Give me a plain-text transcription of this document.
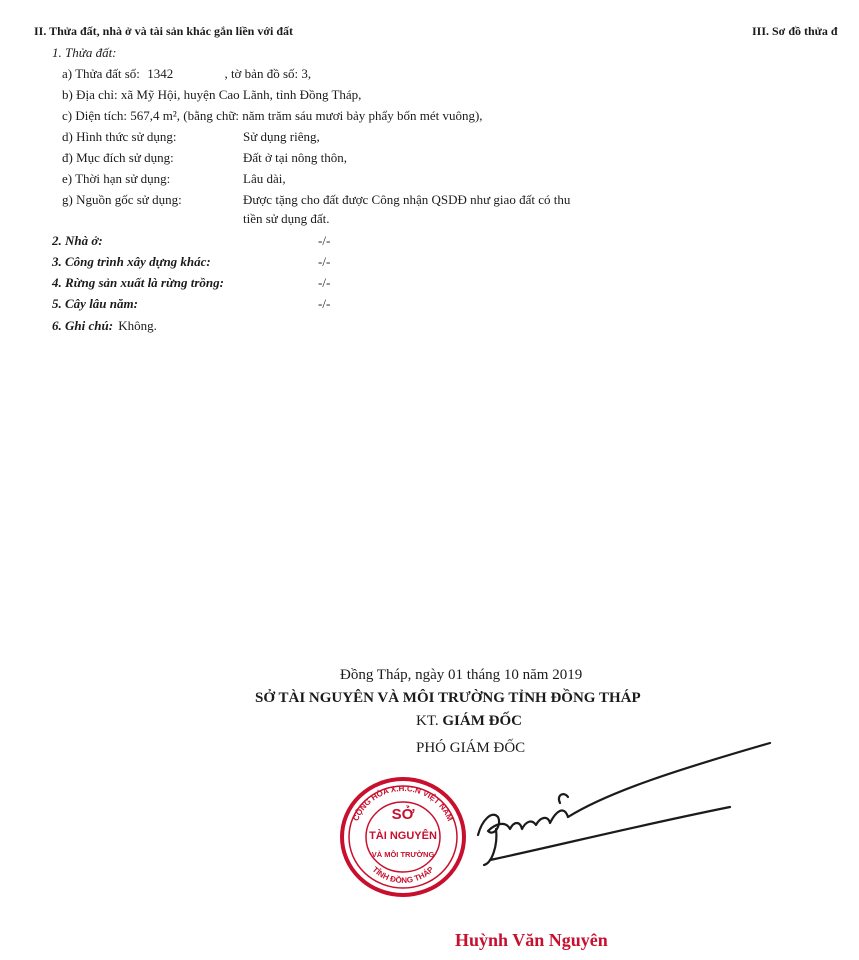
II. Thửa đất, nhà ở và tài sản khác gắn liền với đất	III. Sơ đồ thửa đ
1. Thửa đất:
a) Thửa đất số: 1342	, tờ bản đồ số: 3,
b) Địa chỉ: xã Mỹ Hội, huyện Cao Lãnh, tỉnh Đồng Tháp,
c) Diện tích: 567,4 m², (bằng chữ: năm trăm sáu mươi bảy phẩy bốn mét vuông),
d) Hình thức sử dụng:	Sử dụng riêng,
đ) Mục đích sử dụng:	Đất ở tại nông thôn,
e) Thời hạn sử dụng:	Lâu dài,
g) Nguồn gốc sử dụng:	Được tặng cho đất được Công nhận QSDĐ như giao đất có thu
tiền sử dụng đất.
2. Nhà ở:	-/-
3. Công trình xây dựng khác:	-/-
4. Rừng sản xuất là rừng trồng:	-/-
5. Cây lâu năm:	-/-
6. Ghi chú: Không.
Đồng Tháp, ngày 01 tháng 10 năm 2019
SỞ TÀI NGUYÊN VÀ MÔI TRƯỜNG TỈNH ĐỒNG THÁP
KT. GIÁM ĐỐC
PHÓ GIÁM ĐỐC
CỘNG HÒA X.H.C.N VIỆT NAM
TỈNH ĐỒNG THÁP
SỞ
TÀI NGUYÊN
VÀ MÔI TRƯỜNG
Huỳnh Văn Nguyên
